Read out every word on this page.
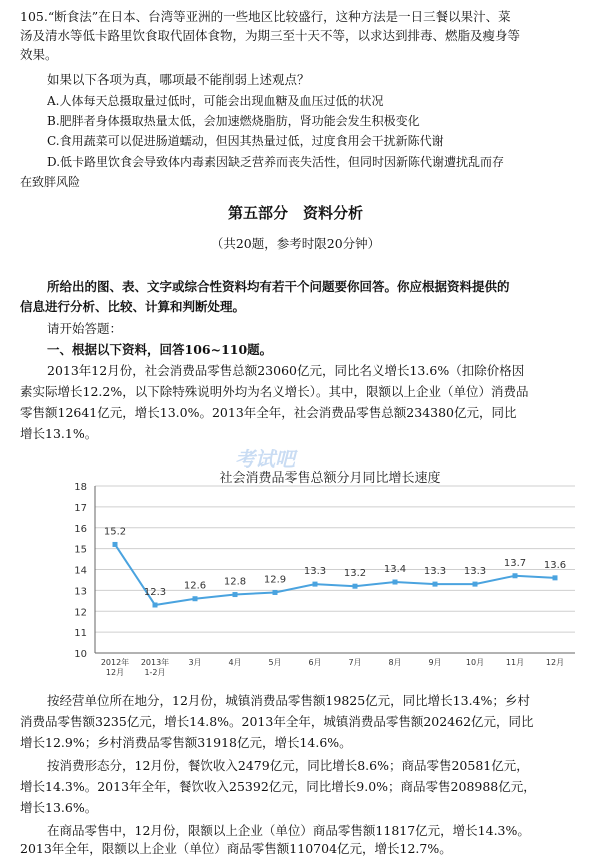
105.“断食法”在日本、台湾等亚洲的一些地区比较盛行，这种方法是一日三餐以果汁、菜
汤及清水等低卡路里饮食取代固体食物，为期三至十天不等，以求达到排毒、燃脂及瘦身等
效果。
如果以下各项为真，哪项最不能削弱上述观点？
A.人体每天总摄取量过低时，可能会出现血糖及血压过低的状况
B.肥胖者身体摄取热量太低，会加速燃烧脂肪，肾功能会发生积极变化
C.食用蔬菜可以促进肠道蠕动，但因其热量过低，过度食用会干扰新陈代谢
D.低卡路里饮食会导致体内毒素因缺乏营养而丧失活性，但同时因新陈代谢遭扰乱而存
在致胖风险
第五部分　资料分析
（共20题，参考时限20分钟）
所给出的图、表、文字或综合性资料均有若干个问题要你回答。你应根据资料提供的
信息进行分析、比较、计算和判断处理。
请开始答题：
一、根据以下资料，回答106~110题。
2013年12月份，社会消费品零售总额23060亿元，同比名义增长13.6%（扣除价格因
素实际增长12.2%，以下除特殊说明外均为名义增长）。其中，限额以上企业（单位）消费品
零售额12641亿元，增长13.0%。2013年全年，社会消费品零售总额234380亿元，同比
增长13.1%。
考试吧
社会消费品零售总额分月同比增长速度
10
11
12
13
14
15
16
17
18
2012年 12月
2013年 1-2月
3月	4月	5月	6月	7月	8月	9月	10月	11月	12月
15.2
12.3
12.6 12.8 12.9
13.3 13.2 13.4 13.3 13.3
13.7 13.6
按经营单位所在地分，12月份，城镇消费品零售额19825亿元，同比增长13.4%；乡村
消费品零售额3235亿元，增长14.8%。2013年全年，城镇消费品零售额202462亿元，同比
增长12.9%；乡村消费品零售额31918亿元，增长14.6%。
按消费形态分，12月份，餐饮收入2479亿元，同比增长8.6%；商品零售20581亿元，
增长14.3%。2013年全年，餐饮收入25392亿元，同比增长9.0%；商品零售208988亿元，
增长13.6%。
在商品零售中，12月份，限额以上企业（单位）商品零售额11817亿元，增长14.3%。
2013年全年，限额以上企业（单位）商品零售额110704亿元，增长12.7%。
